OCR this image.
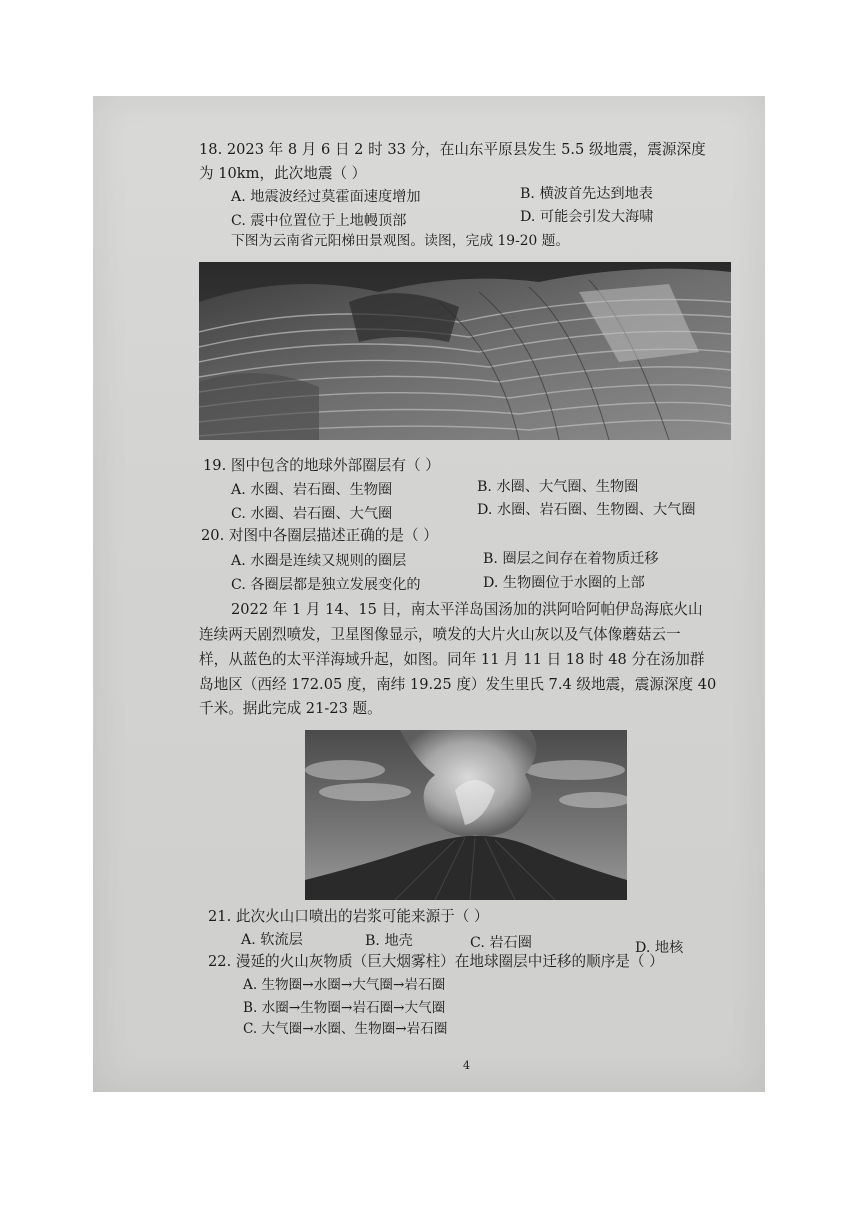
18. 2023 年 8 月 6 日 2 时 33 分，在山东平原县发生 5.5 级地震，震源深度
为 10km，此次地震（ ）
A. 地震波经过莫霍面速度增加	B. 横波首先达到地表
C. 震中位置位于上地幔顶部	D. 可能会引发大海啸
下图为云南省元阳梯田景观图。读图，完成 19-20 题。
19. 图中包含的地球外部圈层有（ ）
A. 水圈、岩石圈、生物圈	B. 水圈、大气圈、生物圈
C. 水圈、岩石圈、大气圈	D. 水圈、岩石圈、生物圈、大气圈
20. 对图中各圈层描述正确的是（ ）
A. 水圈是连续又规则的圈层	B. 圈层之间存在着物质迁移
C. 各圈层都是独立发展变化的	D. 生物圈位于水圈的上部
2022 年 1 月 14、15 日，南太平洋岛国汤加的洪阿哈阿帕伊岛海底火山
连续两天剧烈喷发，卫星图像显示，喷发的大片火山灰以及气体像蘑菇云一
样，从蓝色的太平洋海域升起，如图。同年 11 月 11 日 18 时 48 分在汤加群
岛地区（西经 172.05 度，南纬 19.25 度）发生里氏 7.4 级地震，震源深度 40
千米。据此完成 21-23 题。
21. 此次火山口喷出的岩浆可能来源于（ ）
A. 软流层	B. 地壳	C. 岩石圈	D. 地核
22. 漫延的火山灰物质（巨大烟雾柱）在地球圈层中迁移的顺序是（ ）
A. 生物圈→水圈→大气圈→岩石圈
B. 水圈→生物圈→岩石圈→大气圈
C. 大气圈→水圈、生物圈→岩石圈
4
